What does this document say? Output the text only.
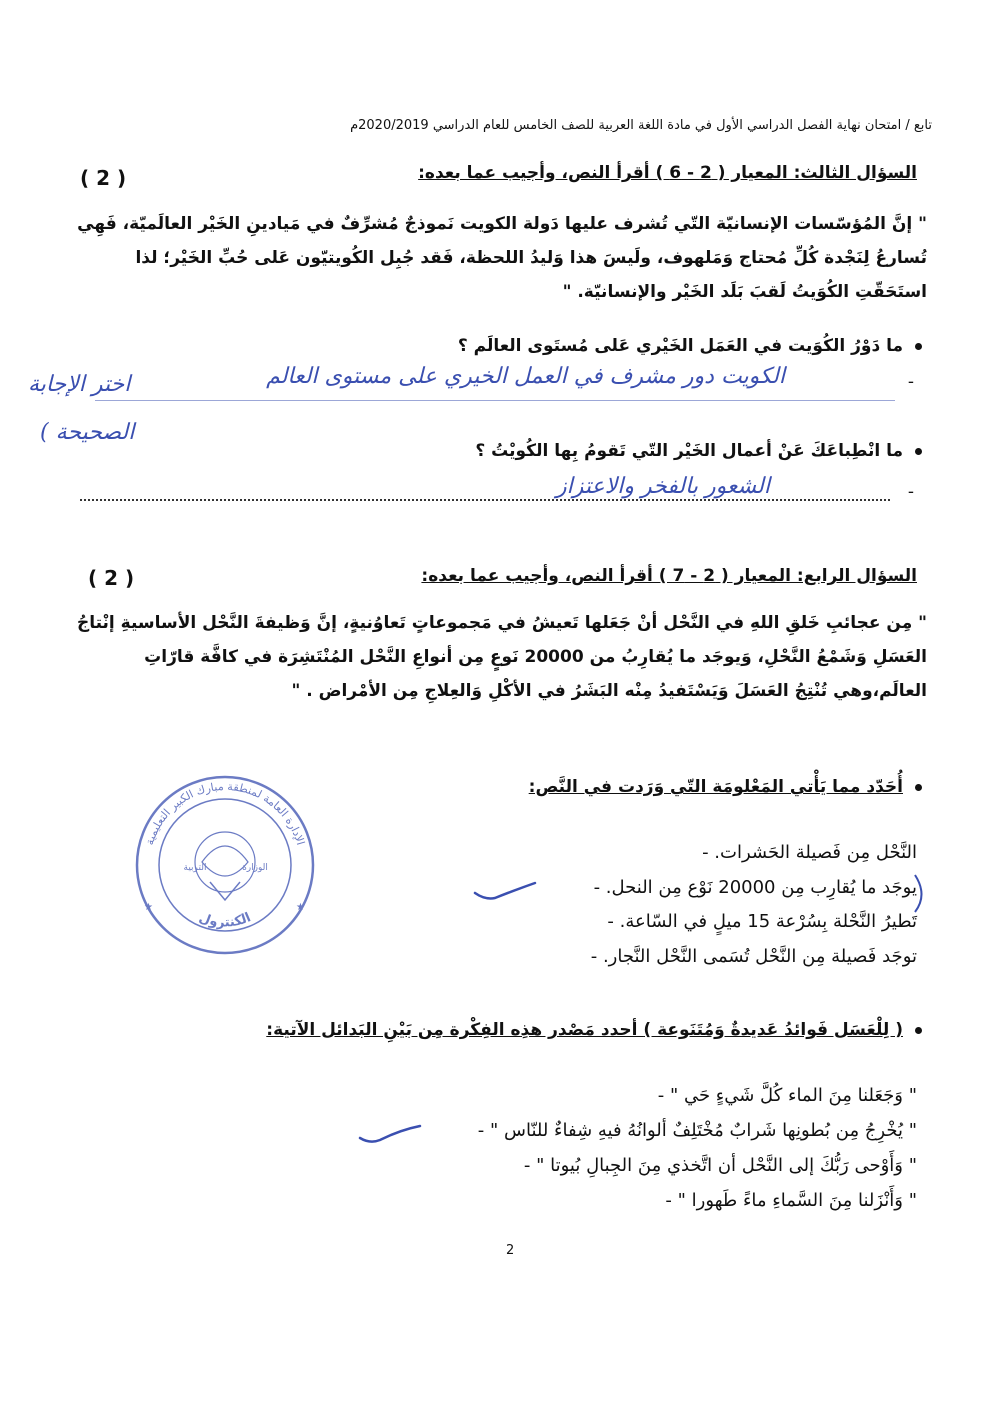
تابع / امتحان نهاية الفصل الدراسي الأول في مادة اللغة العربية للصف الخامس للعام الدراسي 2020/2019م
السؤال الثالث: المعيار ( 2 - 6 ) أقرأ النص، وأجيب عما بعده:
( 2 )
" إنَّ المُؤسّسات الإنسانيّة التّي تُشرف عليها دَولة الكويت نَموذجٌ مُشرِّفٌ في مَيادينِ الخَيْر العالَميّة، فَهِي تُسارعُ لِنَجْدة كُلِّ مُحتاج وَمَلهوف، ولَيسَ هذا وَليدُ اللحظة، فَقد جُبِل الكُويتيّون عَلى حُبِّ الخَيْر؛ لذا استَحَقّتِ الكُوَيتُ لَقبَ بَلَد الخَيْر والإنسانيّة. "
ما دَوْرُ الكُوَيت في العَمَل الخَيْري عَلى مُستَوى العالَم ؟
-
الكويت دور مشرف في العمل الخيري على مستوى العالم
اختر الإجابة
الصحيحة )
ما انْطِباعَكَ عَنْ أعمال الخَيْر التّي تَقومُ بِها الكُويْتُ ؟
-
الشعور بالفخر والاعتزاز
السؤال الرابع: المعيار ( 2 - 7 ) أقرأ النص، وأجيب عما بعده:
( 2 )
" مِن عجائبِ خَلقِ اللهِ في النَّحْل أنْ جَعَلها تَعيشُ في مَجموعاتٍ تَعاوُنيةٍ، إنَّ وَظيفةَ النَّحْل الأساسيةِ إنْتاجُ العَسَلِ وَشَمْعُ النَّحْلِ، وَيوجَد ما يُقارِبُ من 20000 نَوعٍ مِن أنواعِ النَّحْل المُنْتَشِرَة في كافَّة قارّاتِ العالَم،وهي تُنْتِجُ العَسَلَ وَيَسْتَفيدُ مِنْه البَشَرُ في الأكْلِ وَالعِلاجِ مِن الأمْراض . "
أُحَدّد مما يَأْتي المَعْلومَة التّي وَرَدت في النَّص:
الإدارة العامة لمنطقة مبارك الكبير التعليمية
الكنترول
التربية	الوزارة
★	★
النَّحْل مِن فَصيلة الحَشرات. -
يوجَد ما يُقارِب مِن 20000 نَوْع مِن النحل. -
تَطيرُ النَّحْلة بِسُرْعة 15 ميلٍ في السّاعة. -
توجَد فَصيلة مِن النَّحْل تُسَمى النَّحْل النَّجار. -
( لِلْعَسَل فَوائدُ عَديدةٌ وَمُتَنَوعة ) أحدد مَصْدر هذِه الفِكْرة مِن بَيْنِ البَدائل الآتية:
" وَجَعَلنا مِنَ الماء كُلَّ شَيءٍ حَي " -
" يُخْرِجُ مِن بُطونِها شَرابٌ مُخْتَلِفٌ ألوانُهُ فيهِ شِفاءٌ للنّاس " -
" وَأَوْحى رَبُّكَ إلى النَّحْل أن اتَّخذي مِنَ الجِبالِ بُيوتا " -
" وَأَنْزَلنا مِنَ السَّماءِ ماءً طَهورا " -
2
